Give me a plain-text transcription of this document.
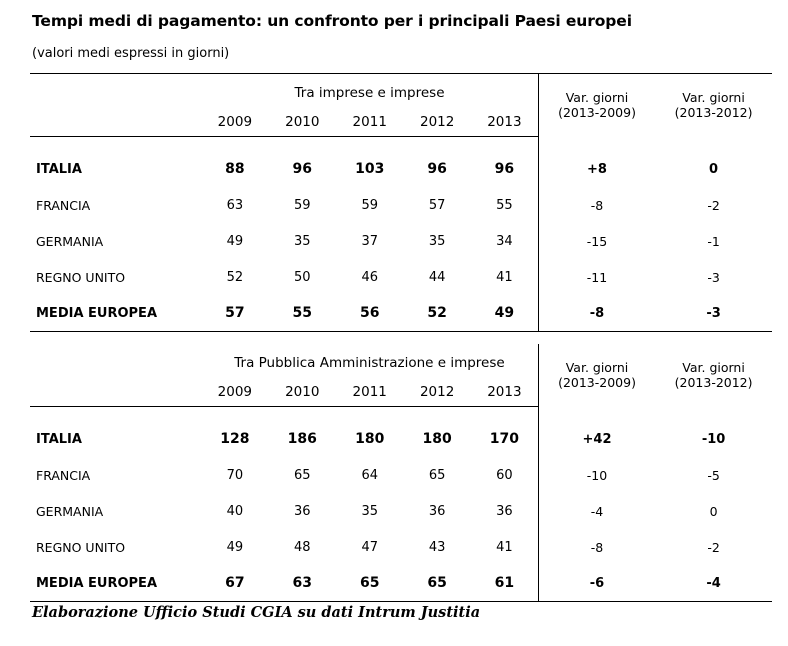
Tempi medi di pagamento: un confronto per i principali Paesi europei
(valori medi espressi in giorni)
	Tra imprese e imprese					Var. giorni
(2013-2009)	Var. giorni
(2013-2012)

	2009	2010	2011	2012	2013		

ITALIA	88	96	103	96	96	+8	0
FRANCIA	63	59	59	57	55	-8	-2
GERMANIA	49	35	37	35	34	-15	-1
REGNO UNITO	52	50	46	44	41	-11	-3
MEDIA EUROPEA	57	55	56	52	49	-8	-3
	Tra Pubblica Amministrazione e imprese					Var. giorni
(2013-2009)	Var. giorni
(2013-2012)

	2009	2010	2011	2012	2013		

ITALIA	128	186	180	180	170	+42	-10
FRANCIA	70	65	64	65	60	-10	-5
GERMANIA	40	36	35	36	36	-4	0
REGNO UNITO	49	48	47	43	41	-8	-2
MEDIA EUROPEA	67	63	65	65	61	-6	-4
Elaborazione Ufficio Studi CGIA su dati Intrum Justitia
